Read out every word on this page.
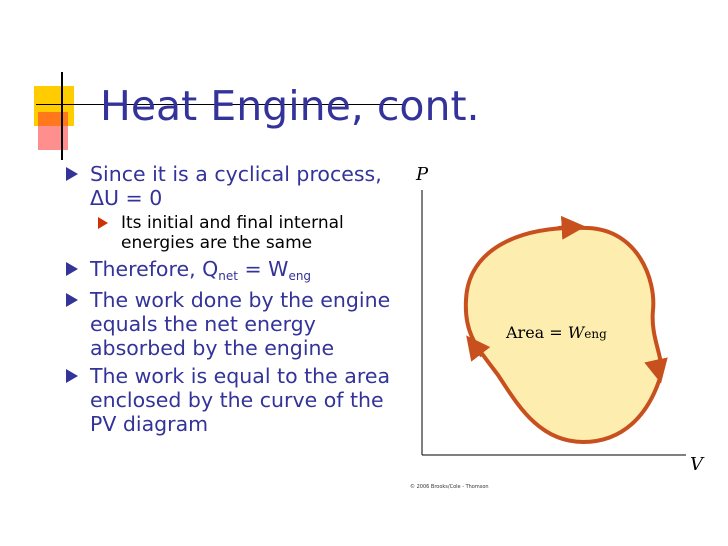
Heat Engine, cont.
Since it is a cyclical process, ΔU = 0
Its initial and final internal energies are the same
Therefore, Qnet = Weng
The work done by the engine equals the net energy absorbed by the engine
The work is equal to the area enclosed by the curve of the PV diagram
P
V
Area = Weng
© 2006 Brooks/Cole - Thomson
